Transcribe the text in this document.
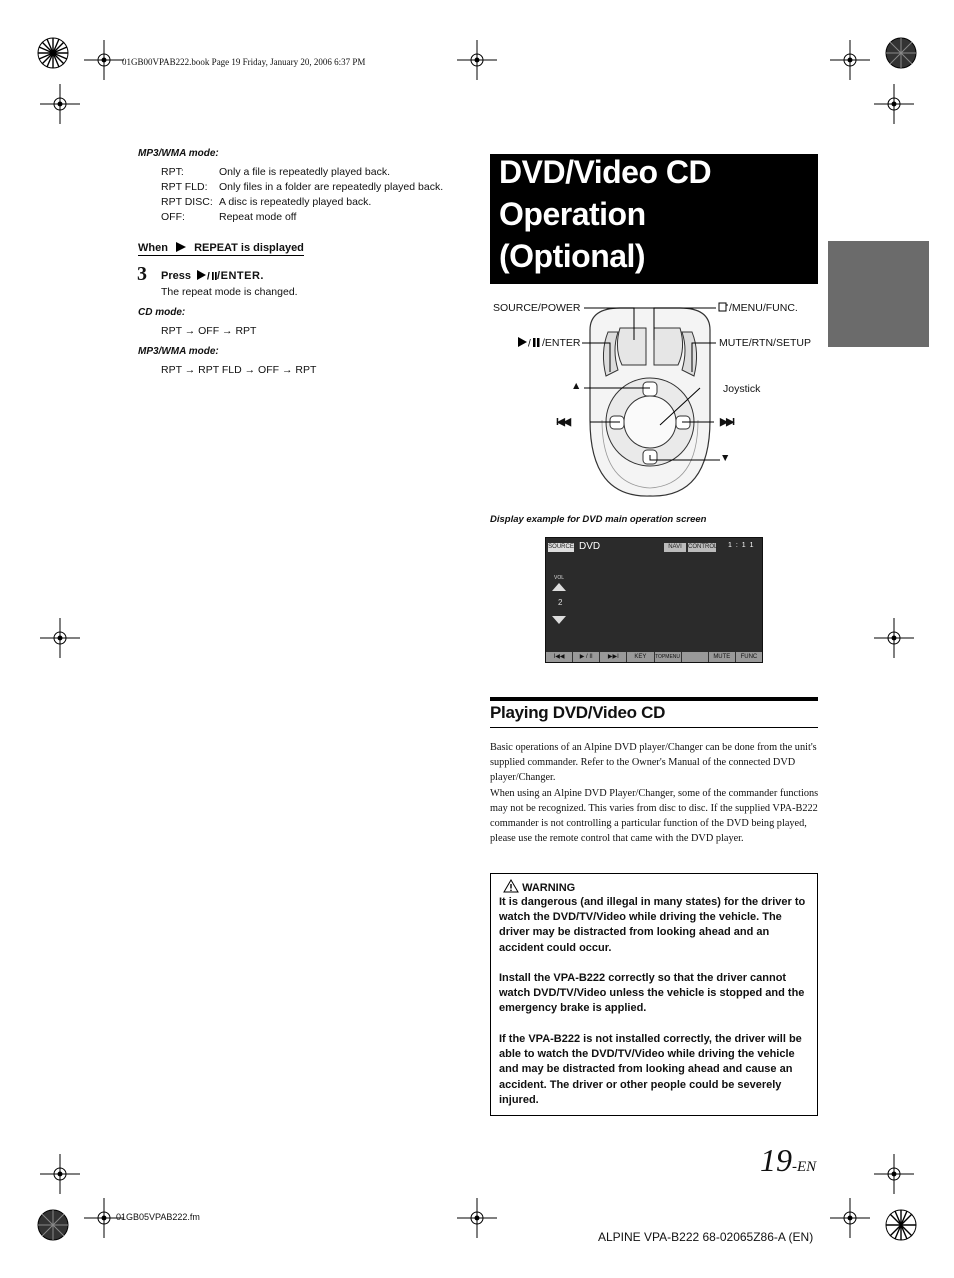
01GB00VPAB222.book Page 19 Friday, January 20, 2006 6:37 PM
MP3/WMA mode:
RPT:	Only a file is repeatedly played back.
RPT FLD: Only files in a folder are repeatedly played back.
RPT DISC: A disc is repeatedly played back.
OFF:	Repeat mode off
When REPEAT is displayed
3 Press / /ENTER.
The repeat mode is changed.
CD mode:
RPT → OFF → RPT
MP3/WMA mode:
RPT → RPT FLD → OFF → RPT
DVD/Video CD
Operation
(Optional)
SOURCE/POWER	/MENU/FUNC.
/ /ENTER	MUTE/RTN/SETUP
▲	Joystick
I◀◀	▶▶I
▼
Display example for DVD main operation screen
SOURCE DVD	NAVI	CONTROL 1 : 1 1
VOL
2
I◀◀	▶ / II	▶▶I	KEY	TOPMENU	MUTE	FUNC
Playing DVD/Video CD
Basic operations of an Alpine DVD player/Changer can be done from the unit's supplied commander. Refer to the Owner's Manual of the connected DVD player/Changer.
When using an Alpine DVD Player/Changer, some of the commander functions may not be recognized. This varies from disc to disc. If the supplied VPA-B222 commander is not controlling a particular function of the DVD being played, please use the remote control that came with the DVD player.
WARNING
It is dangerous (and illegal in many states) for the driver to watch the DVD/TV/Video while driving the vehicle. The driver may be distracted from looking ahead and an accident could occur.
Install the VPA-B222 correctly so that the driver cannot watch DVD/TV/Video unless the vehicle is stopped and the emergency brake is applied.
If the VPA-B222 is not installed correctly, the driver will be able to watch the DVD/TV/Video while driving the vehicle and may be distracted from looking ahead and cause an accident. The driver or other people could be severely injured.
19-EN
01GB05VPAB222.fm
ALPINE VPA-B222 68-02065Z86-A (EN)
